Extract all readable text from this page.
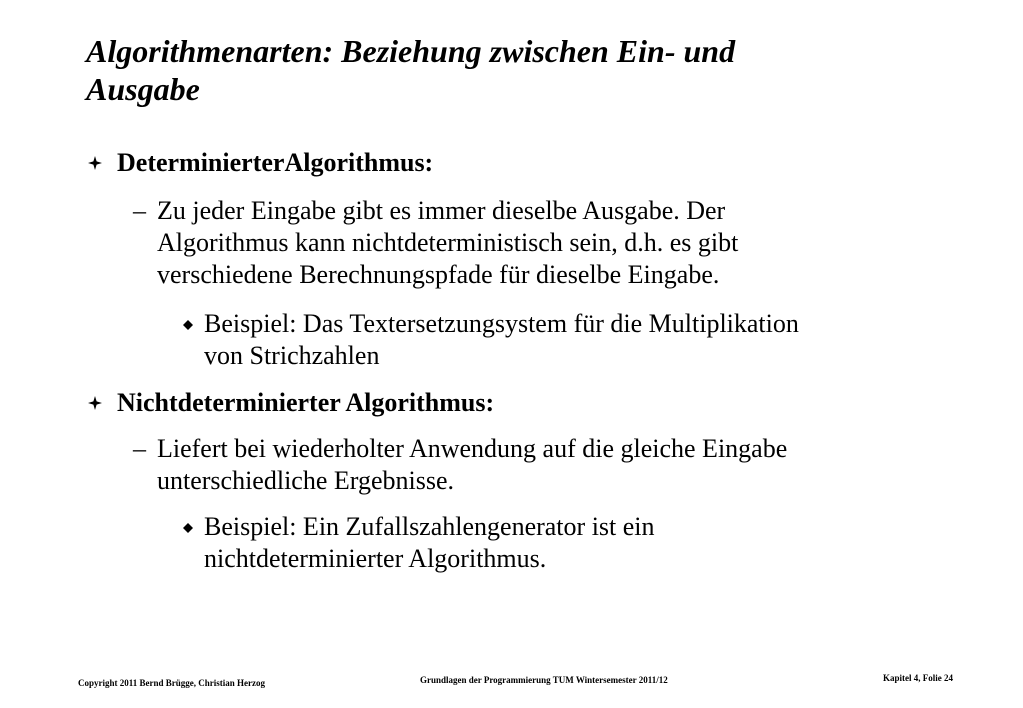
Algorithmenarten: Beziehung zwischen Ein- und
Ausgabe
DeterminierterAlgorithmus:
– Zu jeder Eingabe gibt es immer dieselbe Ausgabe. Der
Algorithmus kann nichtdeterministisch sein, d.h. es gibt
verschiedene Berechnungspfade für dieselbe Eingabe.
Beispiel: Das Textersetzungsystem für die Multiplikation
von Strichzahlen
Nichtdeterminierter Algorithmus:
– Liefert bei wiederholter Anwendung auf die gleiche Eingabe
unterschiedliche Ergebnisse.
Beispiel: Ein Zufallszahlengenerator ist ein
nichtdeterminierter Algorithmus.
Copyright 2011 Bernd Brügge, Christian Herzog	Grundlagen der Programmierung TUM Wintersemester 2011/12	Kapitel 4, Folie 24
